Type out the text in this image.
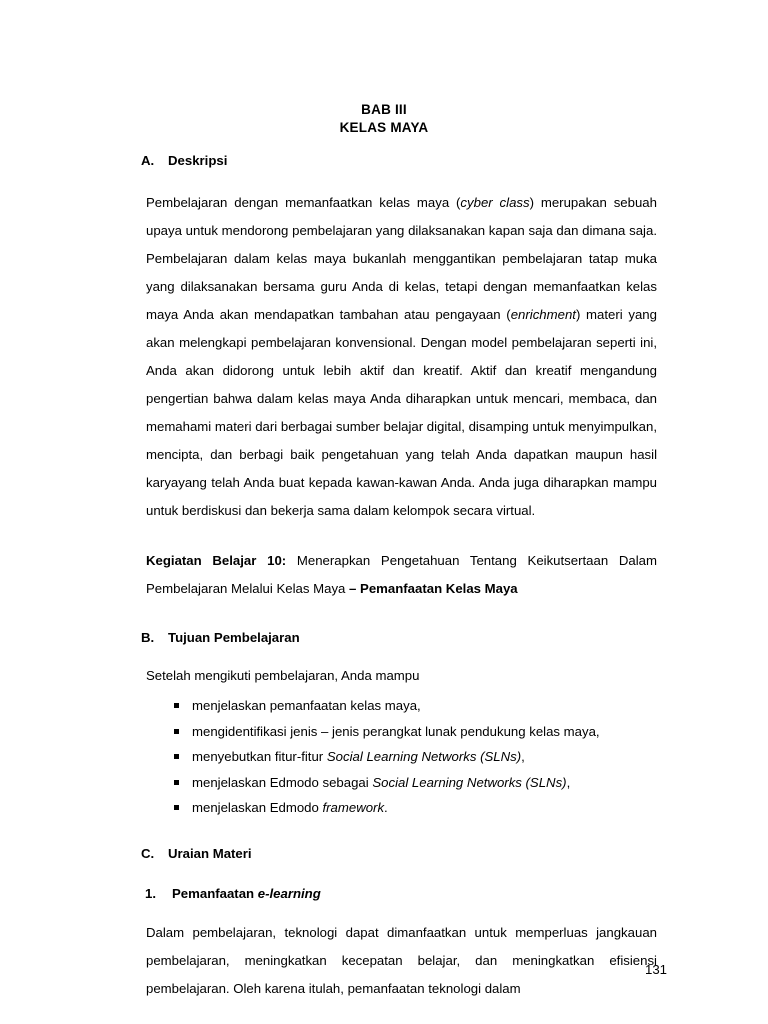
BAB III
KELAS MAYA
A.	Deskripsi

Pembelajaran dengan memanfaatkan kelas maya (cyber class) merupakan sebuah upaya untuk mendorong pembelajaran yang dilaksanakan kapan saja dan dimana saja. Pembelajaran dalam kelas maya bukanlah menggantikan pembelajaran tatap muka yang dilaksanakan bersama guru Anda di kelas, tetapi dengan memanfaatkan kelas maya Anda akan mendapatkan tambahan atau pengayaan (enrichment) materi yang akan melengkapi pembelajaran konvensional. Dengan model pembelajaran seperti ini, Anda akan didorong untuk lebih aktif dan kreatif. Aktif dan kreatif mengandung pengertian bahwa dalam kelas maya Anda diharapkan untuk mencari, membaca, dan memahami materi dari berbagai sumber belajar digital, disamping untuk menyimpulkan, mencipta, dan berbagi baik pengetahuan yang telah Anda dapatkan maupun hasil karyayang telah Anda buat kepada kawan-kawan Anda. Anda juga diharapkan mampu untuk berdiskusi dan bekerja sama dalam kelompok secara virtual.

Kegiatan Belajar 10: Menerapkan Pengetahuan Tentang Keikutsertaan Dalam Pembelajaran Melalui Kelas Maya – Pemanfaatan Kelas Maya

B.	Tujuan Pembelajaran

Setelah mengikuti pembelajaran, Anda mampu

menjelaskan pemanfaatan kelas maya,
mengidentifikasi jenis – jenis perangkat lunak pendukung kelas maya,
menyebutkan fitur-fitur Social Learning Networks (SLNs),
menjelaskan Edmodo sebagai Social Learning Networks (SLNs),
menjelaskan Edmodo framework.
C.	Uraian Materi
1.	Pemanfaatan e-learning

Dalam pembelajaran, teknologi dapat dimanfaatkan untuk memperluas jangkauan pembelajaran, meningkatkan kecepatan belajar, dan meningkatkan efisiensi pembelajaran. Oleh karena itulah, pemanfaatan teknologi dalam

131
